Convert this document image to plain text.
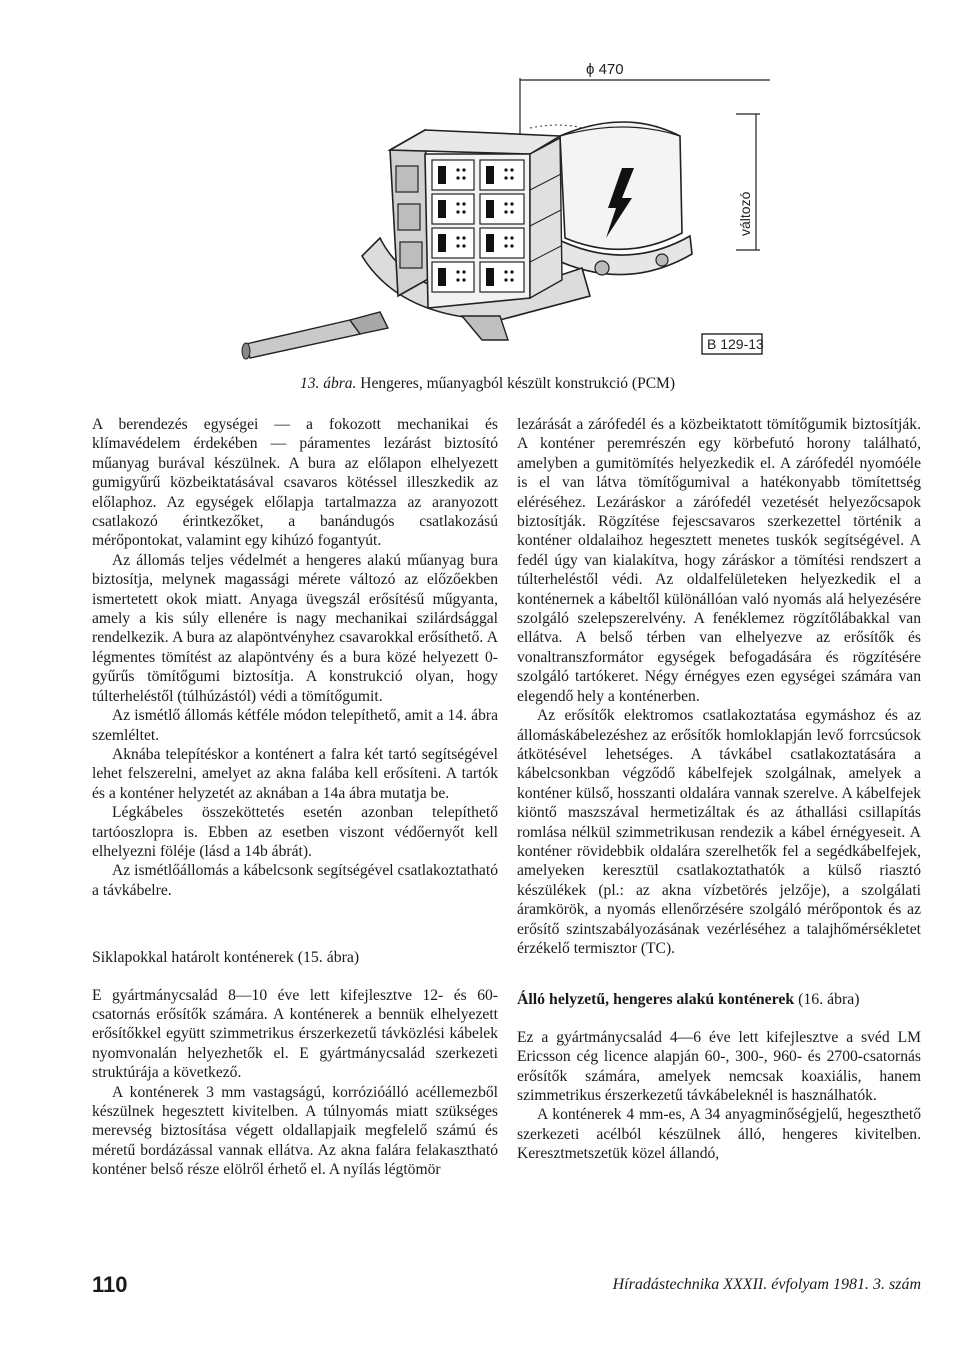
ϕ 470
változó
B 129-13
13. ábra. Hengeres, műanyagból készült konstrukció (PCM)

A berendezés egységei — a fokozott mechanikai és klímavédelem érdekében — páramentes lezárást biztosító műanyag burával készülnek. A bura az előlapon elhelyezett gumigyűrű közbeiktatásával csavaros kötéssel illeszkedik az előlaphoz. Az egységek előlapja tartalmazza az aranyozott csatlakozó érintkezőket, a banándugós csatlakozású mérőpontokat, valamint egy kihúzó fogantyút.

Az állomás teljes védelmét a hengeres alakú műanyag bura biztosítja, melynek magassági mérete változó az előzőekben ismertetett okok miatt. Anyaga üvegszál erősítésű műgyanta, amely a kis súly ellenére is nagy mechanikai szilárdsággal rendelkezik. A bura az alapöntvényhez csavarokkal erősíthető. A légmentes tömítést az alapöntvény és a bura közé helyezett 0-gyűrűs tömítőgumi biztosítja. A konstrukció olyan, hogy túlterheléstől (túlhúzástól) védi a tömítőgumit.

Az ismétlő állomás kétféle módon telepíthető, amit a 14. ábra szemléltet.

Aknába telepítéskor a konténert a falra két tartó segítségével lehet felszerelni, amelyet az akna falába kell erősíteni. A tartók és a konténer helyzetét az aknában a 14a ábra mutatja be.

Légkábeles összeköttetés esetén azonban telepíthető tartóoszlopra is. Ebben az esetben viszont védőernyőt kell elhelyezni föléje (lásd a 14b ábrát).

Az ismétlőállomás a kábelcsonk segítségével csatlakoztatható a távkábelre.

Siklapokkal határolt konténerek (15. ábra)

E gyártmánycsalád 8—10 éve lett kifejlesztve 12- és 60-csatornás erősítők számára. A konténerek a bennük elhelyezett erősítőkkel együtt szimmetrikus érszerkezetű távközlési kábelek nyomvonalán helyezhetők el. E gyártmánycsalád szerkezeti struktúrája a következő.

A konténerek 3 mm vastagságú, korrózióálló acéllemezből készülnek hegesztett kivitelben. A túlnyomás miatt szükséges merevség biztosítása végett oldallapjaik megfelelő számú és méretű bordázással vannak ellátva. Az akna falára felakasztható konténer belső része elölről érhető el. A nyílás légtömör

lezárását a zárófedél és a közbeiktatott tömítőgumik biztosítják. A konténer peremrészén egy körbefutó horony található, amelyben a gumitömítés helyezkedik el. A zárófedél nyomóéle is el van látva tömítőgumival a hatékonyabb tömítettség eléréséhez. Lezáráskor a zárófedél vezetését helyezőcsapok biztosítják. Rögzítése fejescsavaros szerkezettel történik a konténer oldalaihoz hegesztett menetes tuskók segítségével. A fedél úgy van kialakítva, hogy záráskor a tömítési rendszert a túlterheléstől védi. Az oldalfelületeken helyezkedik el a konténernek a kábeltől különállóan való nyomás alá helyezésére szolgáló szelepszerelvény. A fenéklemez rögzítőlábakkal van ellátva. A belső térben van elhelyezve az erősítők és vonaltranszformátor egységek befogadására és rögzítésére szolgáló tartókeret. Négy érnégyes ezen egységei számára van elegendő hely a konténerben.

Az erősítők elektromos csatlakoztatása egymáshoz és az állomáskábelezéshez az erősítők homloklapján levő forrcsúcsok átkötésével lehetséges. A távkábel csatlakoztatására a kábelcsonkban végződő kábelfejek szolgálnak, amelyek a konténer külső, hosszanti oldalára vannak szerelve. A kábelfejek kiöntő maszszával hermetizáltak és az áthallási csillapítás romlása nélkül szimmetrikusan rendezik a kábel érnégyeseit. A konténer rövidebbik oldalára szerelhetők fel a segédkábelfejek, amelyeken keresztül csatlakoztathatók a külső riasztó készülékek (pl.: az akna vízbetörés jelzője), a szolgálati áramkörök, a nyomás ellenőrzésére szolgáló mérőpontok és az erősítő szintszabályozásának vezérléséhez a talajhőmérsékletet érzékelő termisztor (TC).

Álló helyzetű, hengeres alakú konténerek (16. ábra)

Ez a gyártmánycsalád 4—6 éve lett kifejlesztve a svéd LM Ericsson cég licence alapján 60-, 300-, 960- és 2700-csatornás erősítők számára, amelyek nemcsak koaxiális, hanem szimmetrikus érszerkezetű távkábeleknél is használhatók.

A konténerek 4 mm-es, A 34 anyagminőségjelű, hegeszthető szerkezeti acélból készülnek álló, hengeres kivitelben. Keresztmetszetük közel állandó,

110	Híradástechnika XXXII. évfolyam 1981. 3. szám
